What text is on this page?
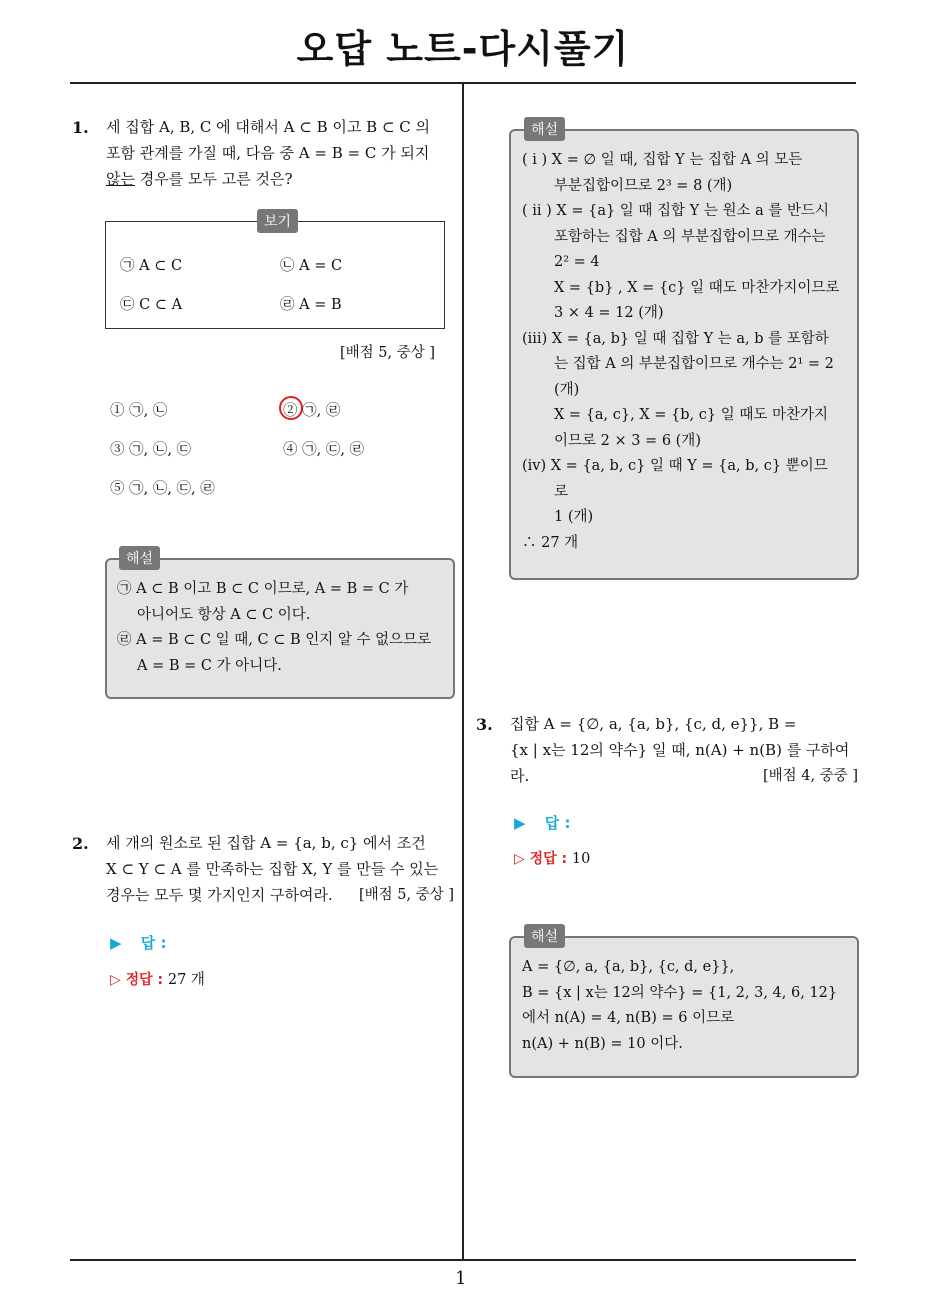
오답 노트-다시풀기
1
1. 세 집합 A, B, C 에 대해서 A ⊂ B 이고 B ⊂ C 의
포함 관계를 가질 때, 다음 중 A = B = C 가 되지
않는 경우를 모두 고른 것은?
보기
㉠ A ⊂ C	㉡ A = C
㉢ C ⊂ A	㉣ A = B
[배점 5, 중상 ]
① ㉠, ㉡	② ㉠, ㉣
③ ㉠, ㉡, ㉢	④ ㉠, ㉢, ㉣
⑤ ㉠, ㉡, ㉢, ㉣
해설
㉠ A ⊂ B 이고 B ⊂ C 이므로, A = B = C 가
아니어도 항상 A ⊂ C 이다.
㉣ A = B ⊂ C 일 때, C ⊂ B 인지 알 수 없으므로
A = B = C 가 아니다.
2. 세 개의 원소로 된 집합 A = {a, b, c} 에서 조건
X ⊂ Y ⊂ A 를 만족하는 집합 X, Y 를 만들 수 있는
경우는 모두 몇 가지인지 구하여라. [배점 5, 중상 ]
▶ 답 :
▷ 정답 : 27 개
해설
( i ) X = ∅ 일 때, 집합 Y 는 집합 A 의 모든
부분집합이므로 2³ = 8 (개)
( ii ) X = {a} 일 때 집합 Y 는 원소 a 를 반드시
포함하는 집합 A 의 부분집합이므로 개수는
2² = 4
X = {b} , X = {c} 일 때도 마찬가지이므로
3 × 4 = 12 (개)
(iii) X = {a, b} 일 때 집합 Y 는 a, b 를 포함하
는 집합 A 의 부분집합이므로 개수는 2¹ = 2
(개)
X = {a, c}, X = {b, c} 일 때도 마찬가지
이므로 2 × 3 = 6 (개)
(iv) X = {a, b, c} 일 때 Y = {a, b, c} 뿐이므
로
1 (개)
∴ 27 개
3. 집합 A = {∅, a, {a, b}, {c, d, e}}, B =
{x | x는 12의 약수} 일 때, n(A) + n(B) 를 구하여
라.	[배점 4, 중중 ]
▶ 답 :
▷ 정답 : 10
해설
A = {∅, a, {a, b}, {c, d, e}},
B = {x | x는 12의 약수} = {1, 2, 3, 4, 6, 12}
에서 n(A) = 4, n(B) = 6 이므로
n(A) + n(B) = 10 이다.
